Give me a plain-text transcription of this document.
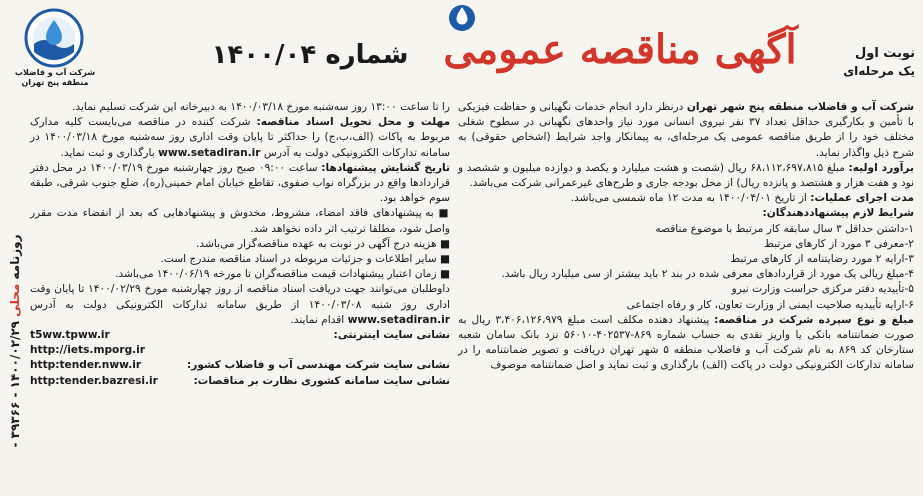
شرکت آب و فاضلاب منطقه پنج تهران
آگهی مناقصه عمومی
شماره ۱۴۰۰/۰۴	نوبت اول
یک مرحله‌ای
روزنامه محلی ۱۴۰۰/۰۲/۲۹ - ۳۹۳۶۶ -

شرکت آب و فاضلاب منطقه پنج شهر تهران درنظر دارد انجام خدمات نگهبانی و حفاظت فیزیکی با تأمین و بکارگیری حداقل تعداد ۳۷ نفر نیروی انسانی مورد نیاز واحدهای نگهبانی در سطوح شغلی مختلف خود را از طریق مناقصه عمومی یک مرحله‌ای، به پیمانکار واجد شرایط (اشخاص حقوقی) به شرح ذیل واگذار نماید.

برآورد اولیه: مبلغ ۶۸،۱۱۲،۶۹۷،۸۱۵ ریال (شصت و هشت میلیارد و یکصد و دوازده میلیون و ششصد و نود و هفت هزار و هشتصد و پانزده ریال) از محل بودجه جاری و طرح‌های غیرعمرانی شرکت می‌باشد.

مدت اجرای عملیات: از تاریخ ۱۴۰۰/۰۴/۰۱ به مدت ۱۲ ماه شمسی می‌باشد.

شرایط لازم پیشنهاددهندگان:

۱-داشتن حداقل ۳ سال سابقه کار مرتبط با موضوع مناقصه

۲-معرفی ۳ مورد از کارهای مرتبط

۳-ارایه ۲ مورد رضایتنامه از کارهای مرتبط

۴-مبلغ ریالی یک مورد از قراردادهای معرفی شده در بند ۲ باید بیشتر از سی میلیارد ریال باشد.

۵-تأییدیه دفتر مرکزی حراست وزارت نیرو

۶-ارایه تأییدیه صلاحیت ایمنی از وزارت تعاون، کار و رفاه اجتماعی

مبلغ و نوع سپرده شرکت در مناقصه: پیشنهاد دهنده مکلف است مبلغ ۳،۴۰۶،۱۲۶،۹۷۹ ریال به صورت ضمانتنامه بانکی یا واریز نقدی به حساب شماره ۸۶۹-۴۰۲۵۳۷-۵۶۰۱۰ نزد بانک سامان شعبه ستارخان کد ۸۶۹ به نام شرکت آب و فاضلاب منطقه ۵ شهر تهران دریافت و تصویر ضمانتنامه را در سامانه تدارکات الکترونیکی دولت در پاکت (الف) بارگذاری و ثبت نماید و اصل ضمانتنامه موصوف

را تا ساعت ۱۳:۰۰ روز سه‌شنبه مورخ ۱۴۰۰/۰۳/۱۸ به دبیرخانه این شرکت تسلیم نماید.

مهلت و محل تحویل اسناد مناقصه: شرکت کننده در مناقصه می‌بایست کلیه مدارک مربوط به پاکات (الف،ب،ج) را حداکثر تا پایان وقت اداری روز سه‌شنبه مورخ ۱۴۰۰/۰۳/۱۸ در سامانه تدارکات الکترونیکی دولت به آدرس www.setadiran.ir بارگذاری و ثبت نماید.

تاریخ گشایش پیشنهادها: ساعت ۰۹:۰۰ صبح روز چهارشنبه مورخ ۱۴۰۰/۰۳/۱۹ در محل دفتر قراردادها واقع در بزرگراه نواب صفوی، تقاطع خیابان امام خمینی(ره)، ضلع جنوب شرقی، طبقه سوم خواهد بود.

■ به پیشنهادهای فاقد امضاء، مشروط، مخدوش و پیشنهادهایی که بعد از انقضاء مدت مقرر واصل شود، مطلقا ترتیب اثر داده نخواهد شد.

■ هزینه درج آگهی در نوبت به عهده مناقصه‌گزار می‌باشد.

■ سایر اطلاعات و جزئیات مربوطه در اسناد مناقصه مندرج است.

■ زمان اعتبار پیشنهادات قیمت مناقصه‌گران تا مورخه ۱۴۰۰/۰۶/۱۹ می‌باشد.

داوطلبان می‌توانند جهت دریافت اسناد مناقصه از روز چهارشنبه مورخ ۱۴۰۰/۰۲/۲۹ تا پایان وقت اداری روز شنبه ۱۴۰۰/۰۳/۰۸ از طریق سامانه تدارکات الکترونیکی دولت به آدرس www.setadiran.ir اقدام نمایند.

نشانی سایت اینترنتی:
t5ww.tpww.ir
http://iets.mporg.ir
نشانی سایت شرکت مهندسی آب و فاضلاب کشور:
http:tender.nww.ir
نشانی سایت سامانه کشوری نظارت بر مناقصات:
http:tender.bazresi.ir
